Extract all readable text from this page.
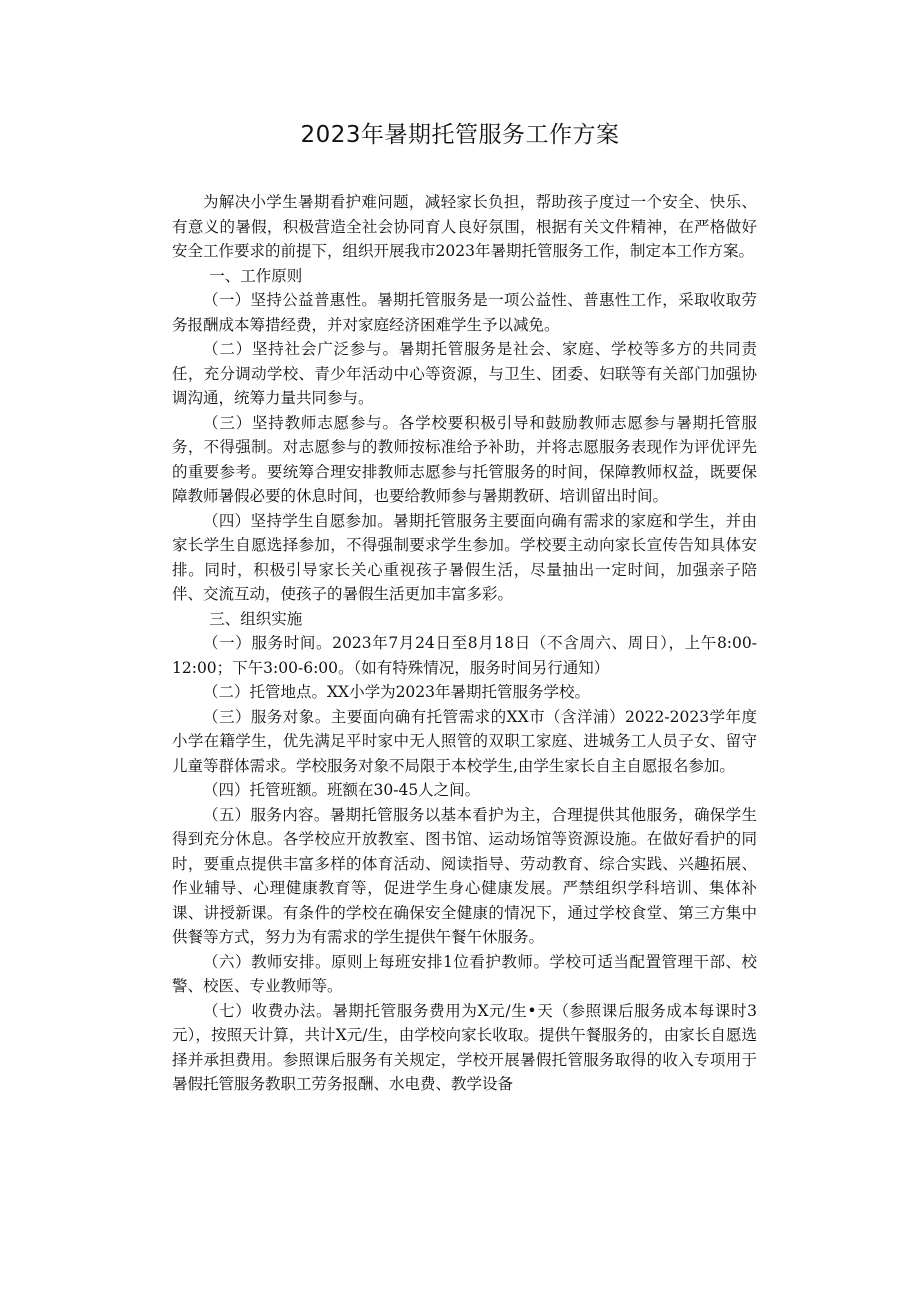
2023年暑期托管服务工作方案

为解决小学生暑期看护难问题，减轻家长负担，帮助孩子度过一个安全、快乐、有意义的暑假，积极营造全社会协同育人良好氛围，根据有关文件精神，在严格做好安全工作要求的前提下，组织开展我市2023年暑期托管服务工作，制定本工作方案。

一、工作原则

（一）坚持公益普惠性。暑期托管服务是一项公益性、普惠性工作，采取收取劳务报酬成本筹措经费，并对家庭经济困难学生予以减免。

（二）坚持社会广泛参与。暑期托管服务是社会、家庭、学校等多方的共同责任，充分调动学校、青少年活动中心等资源，与卫生、团委、妇联等有关部门加强协调沟通，统筹力量共同参与。

（三）坚持教师志愿参与。各学校要积极引导和鼓励教师志愿参与暑期托管服务，不得强制。对志愿参与的教师按标准给予补助，并将志愿服务表现作为评优评先的重要参考。要统筹合理安排教师志愿参与托管服务的时间，保障教师权益，既要保障教师暑假必要的休息时间，也要给教师参与暑期教研、培训留出时间。

（四）坚持学生自愿参加。暑期托管服务主要面向确有需求的家庭和学生，并由家长学生自愿选择参加，不得强制要求学生参加。学校要主动向家长宣传告知具体安排。同时，积极引导家长关心重视孩子暑假生活，尽量抽出一定时间，加强亲子陪伴、交流互动，使孩子的暑假生活更加丰富多彩。

三、组织实施

（一）服务时间。2023年7月24日至8月18日（不含周六、周日），上午8:00-12:00；下午3:00-6:00。（如有特殊情况，服务时间另行通知）

（二）托管地点。XX小学为2023年暑期托管服务学校。

（三）服务对象。主要面向确有托管需求的XX市（含洋浦）2022-2023学年度小学在籍学生，优先满足平时家中无人照管的双职工家庭、进城务工人员子女、留守儿童等群体需求。学校服务对象不局限于本校学生,由学生家长自主自愿报名参加。

（四）托管班额。班额在30-45人之间。

（五）服务内容。暑期托管服务以基本看护为主，合理提供其他服务，确保学生得到充分休息。各学校应开放教室、图书馆、运动场馆等资源设施。在做好看护的同时，要重点提供丰富多样的体育活动、阅读指导、劳动教育、综合实践、兴趣拓展、作业辅导、心理健康教育等，促进学生身心健康发展。严禁组织学科培训、集体补课、讲授新课。有条件的学校在确保安全健康的情况下，通过学校食堂、第三方集中供餐等方式，努力为有需求的学生提供午餐午休服务。

（六）教师安排。原则上每班安排1位看护教师。学校可适当配置管理干部、校警、校医、专业教师等。

（七）收费办法。暑期托管服务费用为X元/生•天（参照课后服务成本每课时3元），按照天计算，共计X元/生，由学校向家长收取。提供午餐服务的，由家长自愿选择并承担费用。参照课后服务有关规定，学校开展暑假托管服务取得的收入专项用于暑假托管服务教职工劳务报酬、水电费、教学设备
